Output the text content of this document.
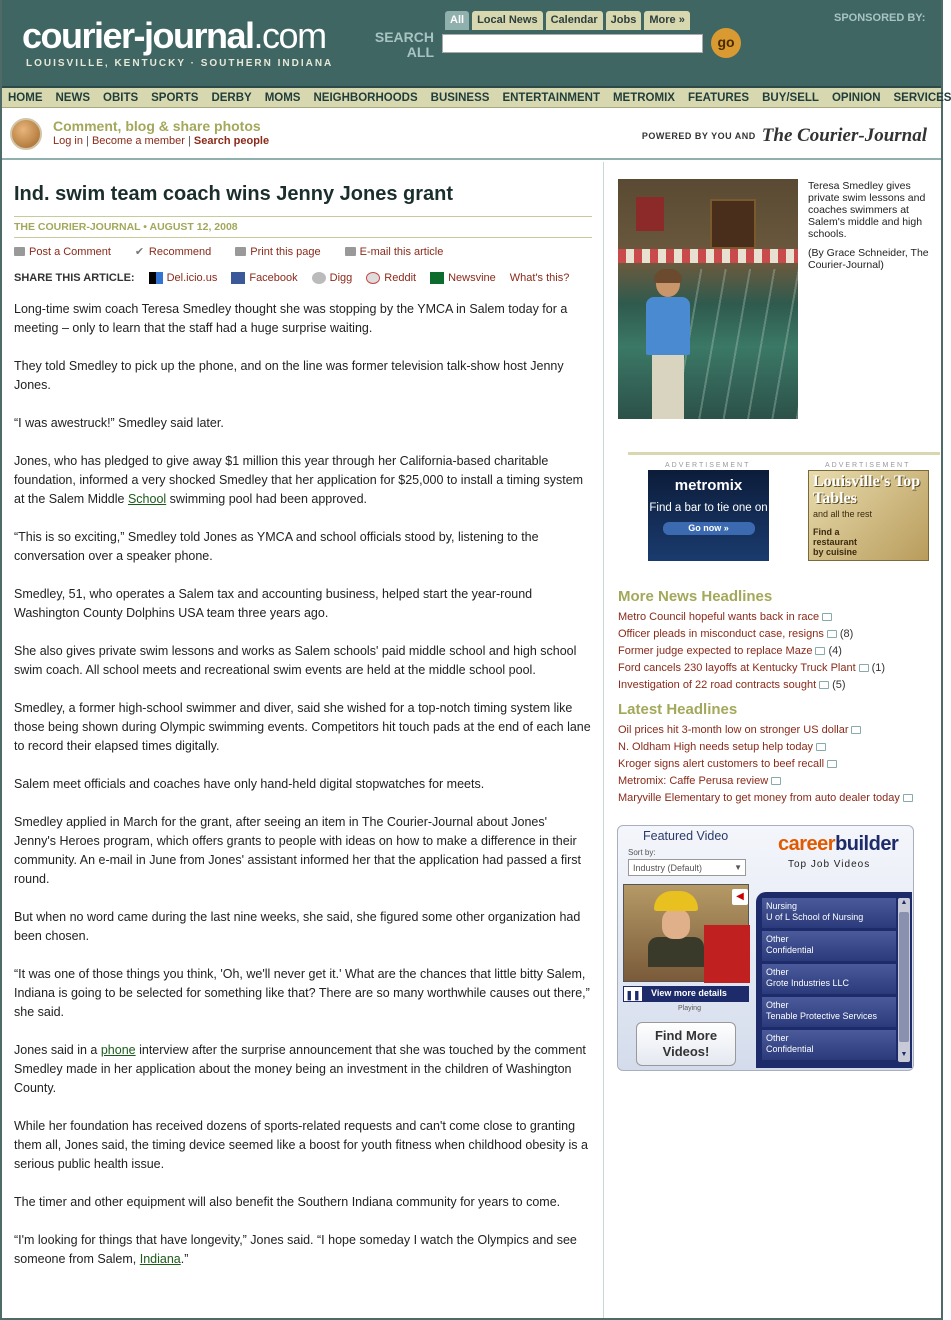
courier-journal.com
LOUISVILLE, KENTUCKY · SOUTHERN INDIANA
SEARCH ALL
All	Local News	Calendar	Jobs	More »
go
SPONSORED BY:
HOME NEWS OBITS SPORTS DERBY MOMS NEIGHBORHOODS BUSINESS ENTERTAINMENT METROMIX FEATURES BUY/SELL OPINION SERVICES
Comment, blog & share photos
Log in | Become a member | Search people	POWERED BY YOU AND The Courier-Journal
Ind. swim team coach wins Jenny Jones grant
THE COURIER-JOURNAL • AUGUST 12, 2008
Post a Comment ✔ Recommend	Print this page	E-mail this article
SHARE THIS ARTICLE:	Del.icio.us	Facebook	Digg	Reddit	Newsvine What's this?

Long-time swim coach Teresa Smedley thought she was stopping by the YMCA in Salem today for a meeting – only to learn that the staff had a huge surprise waiting.

They told Smedley to pick up the phone, and on the line was former television talk-show host Jenny Jones.

“I was awestruck!” Smedley said later.

Jones, who has pledged to give away $1 million this year through her California-based charitable foundation, informed a very shocked Smedley that her application for $25,000 to install a timing system at the Salem Middle School swimming pool had been approved.

“This is so exciting,” Smedley told Jones as YMCA and school officials stood by, listening to the conversation over a speaker phone.

Smedley, 51, who operates a Salem tax and accounting business, helped start the year-round Washington County Dolphins USA team three years ago.

She also gives private swim lessons and works as Salem schools' paid middle school and high school swim coach. All school meets and recreational swim events are held at the middle school pool.

Smedley, a former high-school swimmer and diver, said she wished for a top-notch timing system like those being shown during Olympic swimming events. Competitors hit touch pads at the end of each lane to record their elapsed times digitally.

Salem meet officials and coaches have only hand-held digital stopwatches for meets.

Smedley applied in March for the grant, after seeing an item in The Courier-Journal about Jones' Jenny's Heroes program, which offers grants to people with ideas on how to make a difference in their community. An e-mail in June from Jones' assistant informed her that the application had passed a first round.

But when no word came during the last nine weeks, she said, she figured some other organization had been chosen.

“It was one of those things you think, 'Oh, we'll never get it.' What are the chances that little bitty Salem, Indiana is going to be selected for something like that? There are so many worthwhile causes out there,” she said.

Jones said in a phone interview after the surprise announcement that she was touched by the comment Smedley made in her application about the money being an investment in the children of Washington County.

While her foundation has received dozens of sports-related requests and can't come close to granting them all, Jones said, the timing device seemed like a boost for youth fitness when childhood obesity is a serious public health issue.

The timer and other equipment will also benefit the Southern Indiana community for years to come.

“I'm looking for things that have longevity,” Jones said. “I hope someday I watch the Olympics and see someone from Salem, Indiana.”

Teresa Smedley gives private swim lessons and coaches swimmers at Salem's middle and high schools.

(By Grace Schneider, The Courier-Journal)

ADVERTISEMENT	ADVERTISEMENT
metromix
Find a bar to tie one on
Go now »
Louisville's Top Tables
and all the rest
Find a restaurant by cuisine
More News Headlines
Metro Council hopeful wants back in race
Officer pleads in misconduct case, resigns (8)
Former judge expected to replace Maze (4)
Ford cancels 230 layoffs at Kentucky Truck Plant (1)
Investigation of 22 road contracts sought (5)
Latest Headlines
Oil prices hit 3-month low on stronger US dollar
N. Oldham High needs setup help today
Kroger signs alert customers to beef recall
Metromix: Caffe Perusa review
Maryville Elementary to get money from auto dealer today
Featured Video
Sort by:
Industry (Default)	▼
careerbuilder
Top Job Videos
◀
❚❚ View more details
Playing
Find More Videos!
Nursing
U of L School of Nursing
Other
Confidential
Other
Grote Industries LLC
Other
Tenable Protective Services
Other
Confidential
▲
▼
